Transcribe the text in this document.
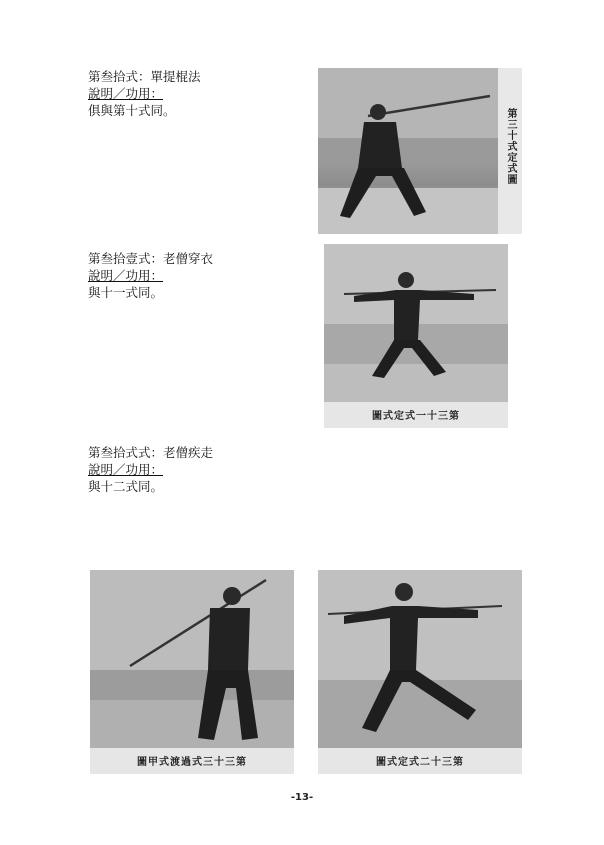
第叁拾式：單提棍法
說明／功用：
俱與第十式同。
第叁拾壹式：老僧穿衣
說明／功用：
與十一式同。
第叁拾式式：老僧疾走
說明／功用：
與十二式同。
第三十式定式圖
圖式定式一十三第
圖甲式渡過式三十三第	圖式定式二十三第
-13-
